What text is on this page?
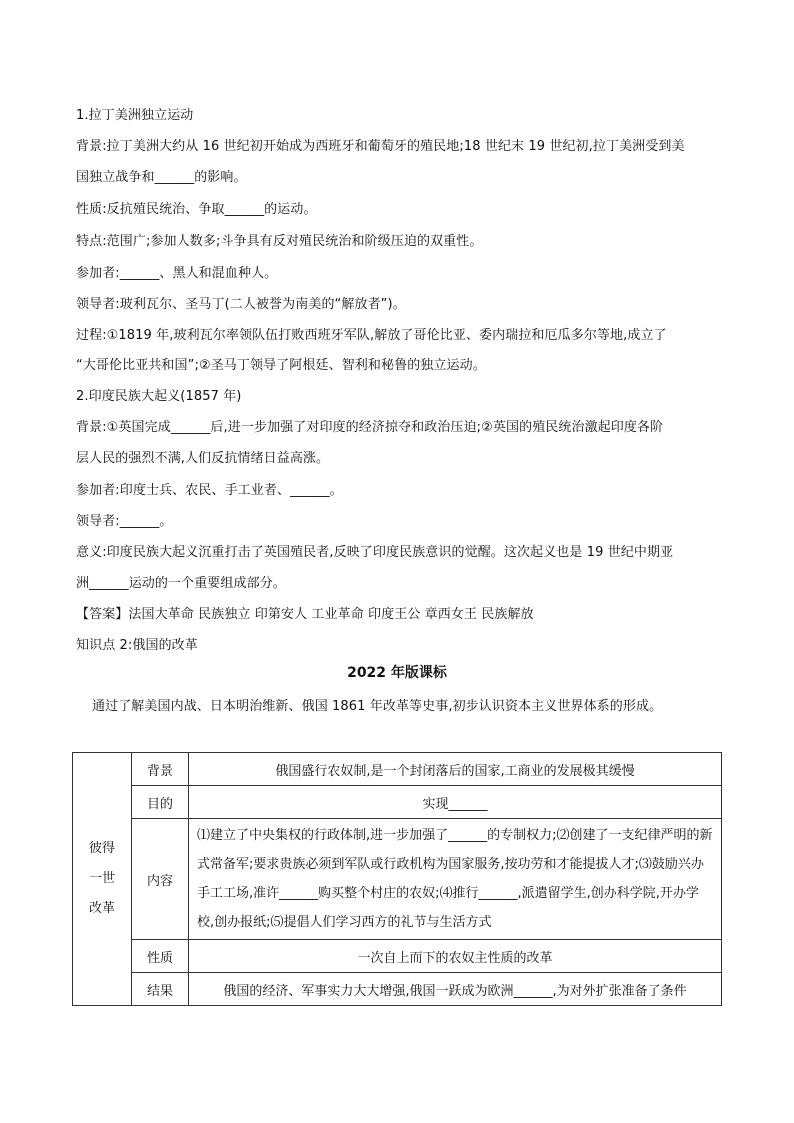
1.拉丁美洲独立运动
背景:拉丁美洲大约从 16 世纪初开始成为西班牙和葡萄牙的殖民地;18 世纪末 19 世纪初,拉丁美洲受到美
国独立战争和______的影响。
性质:反抗殖民统治、争取______的运动。
特点:范围广;参加人数多;斗争具有反对殖民统治和阶级压迫的双重性。
参加者:______、黑人和混血种人。
领导者:玻利瓦尔、圣马丁(二人被誉为南美的“解放者”)。
过程:①1819 年,玻利瓦尔率领队伍打败西班牙军队,解放了哥伦比亚、委内瑞拉和厄瓜多尔等地,成立了
“大哥伦比亚共和国”;②圣马丁领导了阿根廷、智利和秘鲁的独立运动。
2.印度民族大起义(1857 年)
背景:①英国完成______后,进一步加强了对印度的经济掠夺和政治压迫;②英国的殖民统治激起印度各阶
层人民的强烈不满,人们反抗情绪日益高涨。
参加者:印度士兵、农民、手工业者、______。
领导者:______。
意义:印度民族大起义沉重打击了英国殖民者,反映了印度民族意识的觉醒。这次起义也是 19 世纪中期亚
洲______运动的一个重要组成部分。
【答案】法国大革命 民族独立 印第安人 工业革命 印度王公 章西女王 民族解放
知识点 2:俄国的改革
2022 年版课标
通过了解美国内战、日本明治维新、俄国 1861 年改革等史事,初步认识资本主义世界体系的形成。
彼得
一世
改革	背景	俄国盛行农奴制,是一个封闭落后的国家,工商业的发展极其缓慢
	目的	实现______
	内容	⑴建立了中央集权的行政体制,进一步加强了______的专制权力;⑵创建了一支纪律严明的新式常备军;要求贵族必须到军队或行政机构为国家服务,按功劳和才能提拔人才;⑶鼓励兴办手工工场,准许______购买整个村庄的农奴;⑷推行______,派遣留学生,创办科学院,开办学校,创办报纸;⑸提倡人们学习西方的礼节与生活方式
	性质	一次自上而下的农奴主性质的改革
	结果	俄国的经济、军事实力大大增强,俄国一跃成为欧洲______,为对外扩张准备了条件
